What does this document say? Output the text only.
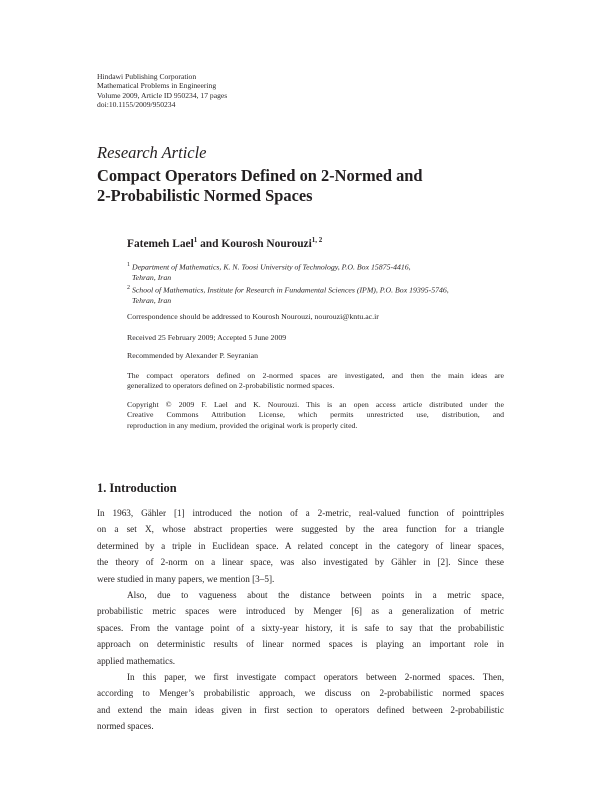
Hindawi Publishing Corporation
Mathematical Problems in Engineering
Volume 2009, Article ID 950234, 17 pages
doi:10.1155/2009/950234
Research Article
Compact Operators Defined on 2-Normed and
2-Probabilistic Normed Spaces
Fatemeh Lael$^1$ and Kourosh Nourouzi$^{1, 2}$
$^1$ Department of Mathematics, K. N. Toosi University of Technology, P.O. Box 15875-4416,
Tehran, Iran
$^2$ School of Mathematics, Institute for Research in Fundamental Sciences (IPM), P.O. Box 19395-5746,
Tehran, Iran
Correspondence should be addressed to Kourosh Nourouzi, nourouzi@kntu.ac.ir
Received 25 February 2009; Accepted 5 June 2009
Recommended by Alexander P. Seyranian
The compact operators defined on 2-normed spaces are investigated, and then the main ideas are
generalized to operators defined on 2-probabilistic normed spaces.
Copyright © 2009 F. Lael and K. Nourouzi. This is an open access article distributed under the
Creative Commons Attribution License, which permits unrestricted use, distribution, and
reproduction in any medium, provided the original work is properly cited.
1. Introduction
In 1963, Gähler [1] introduced the notion of a 2-metric, real-valued function of pointtriples
on a set X, whose abstract properties were suggested by the area function for a triangle
determined by a triple in Euclidean space. A related concept in the category of linear spaces,
the theory of 2-norm on a linear space, was also investigated by Gähler in [2]. Since these
were studied in many papers, we mention [3–5].
Also, due to vagueness about the distance between points in a metric space,
probabilistic metric spaces were introduced by Menger [6] as a generalization of metric
spaces. From the vantage point of a sixty-year history, it is safe to say that the probabilistic
approach on deterministic results of linear normed spaces is playing an important role in
applied mathematics.
In this paper, we first investigate compact operators between 2-normed spaces. Then,
according to Menger’s probabilistic approach, we discuss on 2-probabilistic normed spaces
and extend the main ideas given in first section to operators defined between 2-probabilistic
normed spaces.
